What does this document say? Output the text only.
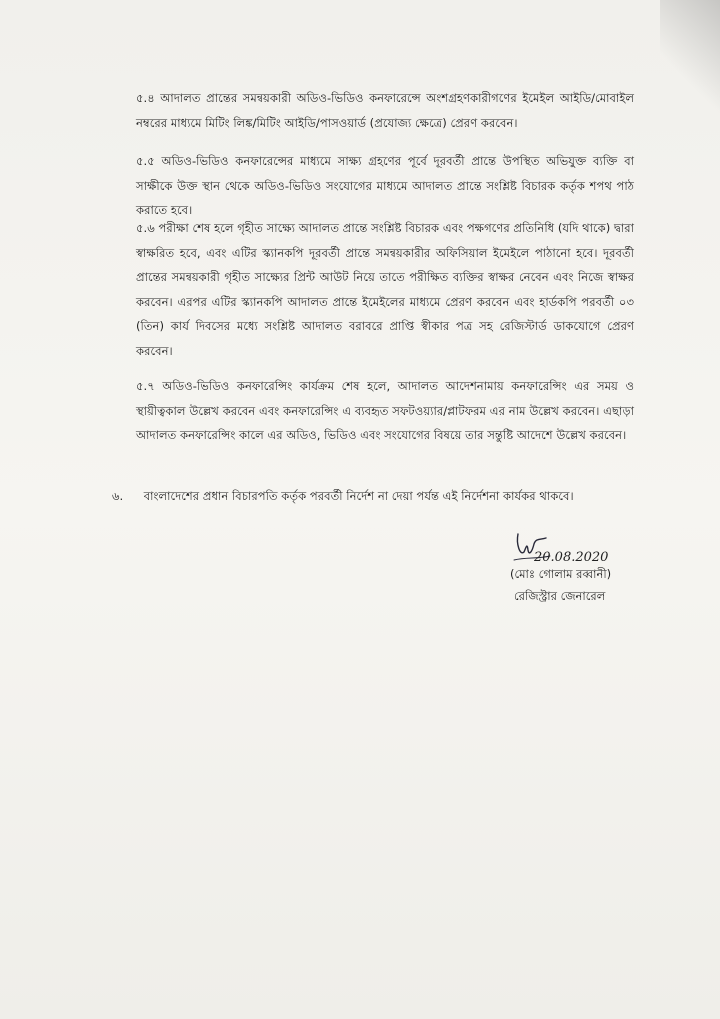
৫.৪ আদালত প্রান্তের সমন্বয়কারী অডিও-ভিডিও কনফারেন্সে অংশগ্রহণকারীগণের ইমেইল আইডি/মোবাইল নম্বরের মাধ্যমে মিটিং লিঙ্ক/মিটিং আইডি/পাসওয়ার্ড (প্রযোজ্য ক্ষেত্রে) প্রেরণ করবেন।
৫.৫ অডিও-ভিডিও কনফারেন্সের মাধ্যমে সাক্ষ্য গ্রহণের পূর্বে দূরবর্তী প্রান্তে উপস্থিত অভিযুক্ত ব্যক্তি বা সাক্ষীকে উক্ত স্থান থেকে অডিও-ভিডিও সংযোগের মাধ্যমে আদালত প্রান্তে সংশ্লিষ্ট বিচারক কর্তৃক শপথ পাঠ করাতে হবে।
৫.৬ পরীক্ষা শেষ হলে গৃহীত সাক্ষ্যে আদালত প্রান্তে সংশ্লিষ্ট বিচারক এবং পক্ষগণের প্রতিনিধি (যদি থাকে) দ্বারা স্বাক্ষরিত হবে, এবং এটির স্ক্যানকপি দূরবর্তী প্রান্তে সমন্বয়কারীর অফিসিয়াল ইমেইলে পাঠানো হবে। দূরবর্তী প্রান্তের সমন্বয়কারী গৃহীত সাক্ষ্যের প্রিন্ট আউট নিয়ে তাতে পরীক্ষিত ব্যক্তির স্বাক্ষর নেবেন এবং নিজে স্বাক্ষর করবেন। এরপর এটির স্ক্যানকপি আদালত প্রান্তে ইমেইলের মাধ্যমে প্রেরণ করবেন এবং হার্ডকপি পরবর্তী ০৩ (তিন) কার্য দিবসের মধ্যে সংশ্লিষ্ট আদালত বরাবরে প্রাপ্তি স্বীকার পত্র সহ রেজিস্টার্ড ডাকযোগে প্রেরণ করবেন।
৫.৭ অডিও-ভিডিও কনফারেন্সিং কার্যক্রম শেষ হলে, আদালত আদেশনামায় কনফারেন্সিং এর সময় ও স্থায়ীত্বকাল উল্লেখ করবেন এবং কনফারেন্সিং এ ব্যবহৃত সফটওয়্যার/প্লাটফরম এর নাম উল্লেখ করবেন। এছাড়া আদালত কনফারেন্সিং কালে এর অডিও, ভিডিও এবং সংযোগের বিষয়ে তার সন্তুষ্টি আদেশে উল্লেখ করবেন।
৬. বাংলাদেশের প্রধান বিচারপতি কর্তৃক পরবর্তী নির্দেশ না দেয়া পর্যন্ত এই নির্দেশনা কার্যকর থাকবে।
20.08.2020
(মোঃ গোলাম রব্বানী)
রেজিস্ট্রার জেনারেল
